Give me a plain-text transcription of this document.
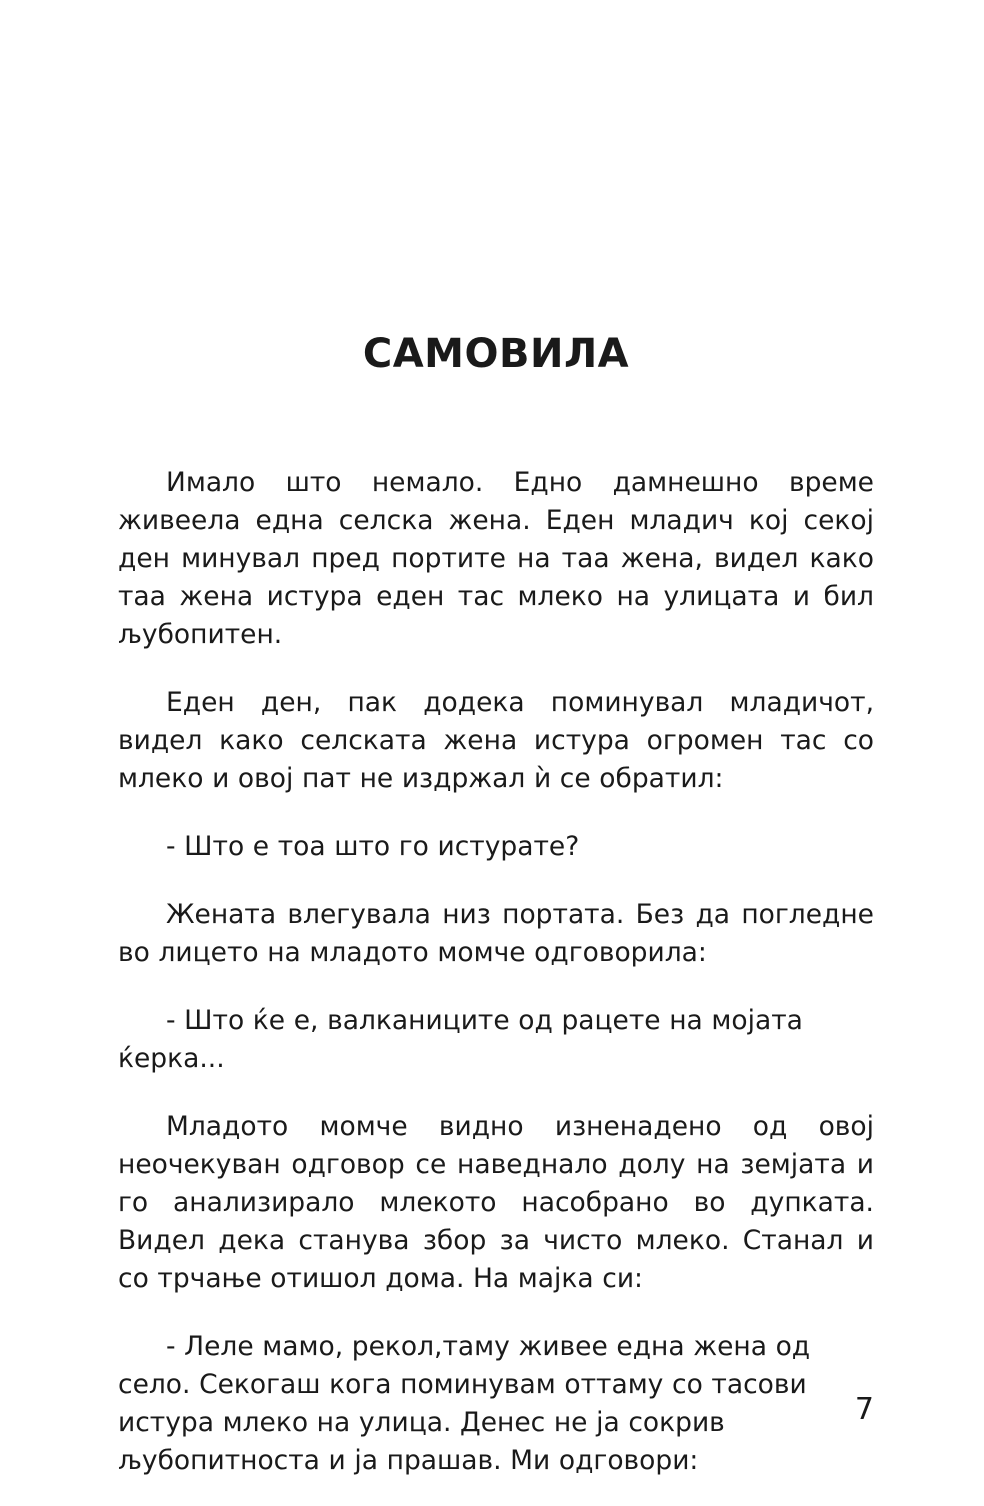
САМОВИЛА

Имало што немало. Едно дамнешно време живеела една селска жена. Еден младич кој секој ден минувал пред портите на таа жена, видел како таа жена истура еден тас млеко на улицата и бил љубопитен.

Еден ден, пак додека поминувал младичот, видел како селската жена истура огромен тас со млеко и овој пат не издржал ѝ се обратил:

- Што е тоа што го истурате?

Жената влегувала низ портата. Без да погледне во лицето на младото момче одговорила:

- Што ќе е, валканиците од рацете на мојата ќерка...

Младото момче видно изненадено од овој неочекуван одговор се наведнало долу на земјата и го анализирало млекото насобрано во дупката. Видел дека станува збор за чисто млеко. Станал и со трчање отишол дома. На мајка си:

- Леле мамо, рекол,таму живее една жена од село. Секогаш кога поминувам оттаму со тасови истура млеко на улица. Денес не ја сокрив љубопитноста и ја прашав. Ми одговори:

7
